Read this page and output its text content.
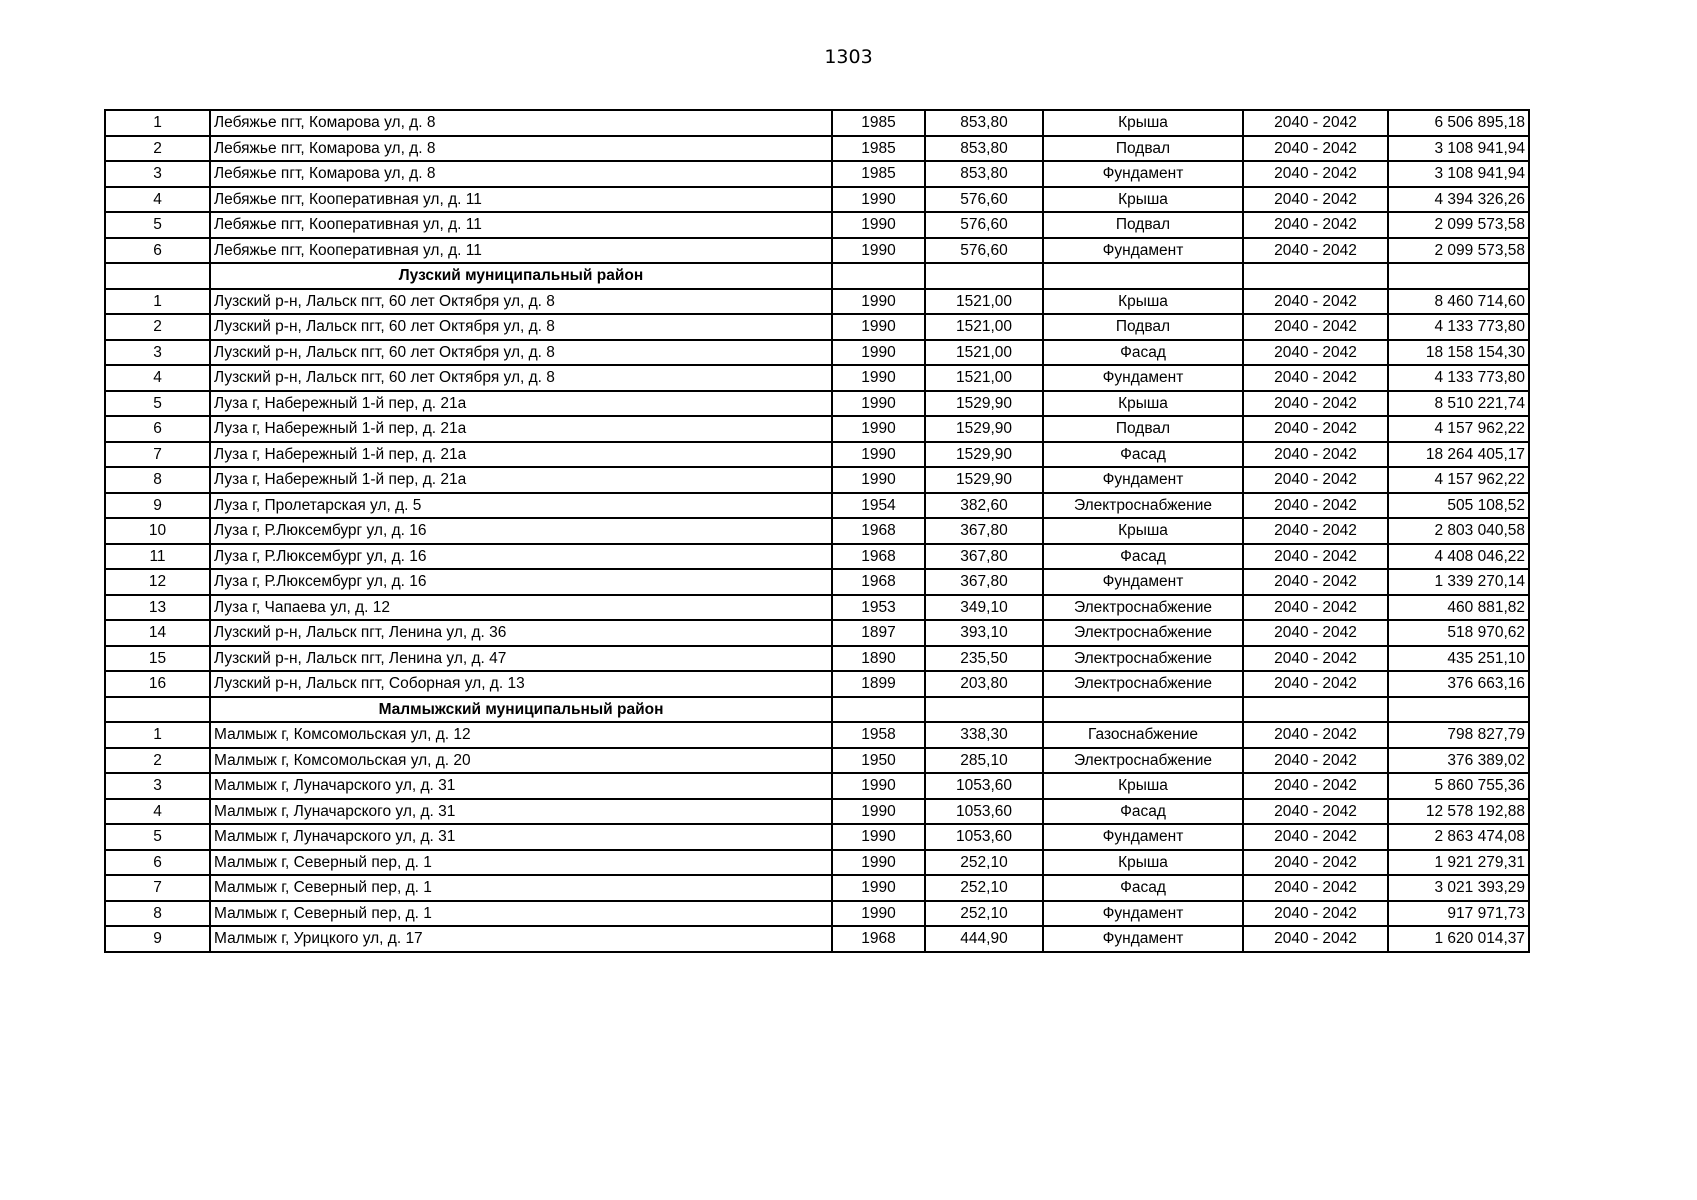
1303
1	Лебяжье пгт, Комарова ул, д. 8	1985	853,80	Крыша	2040 - 2042	6 506 895,18
2	Лебяжье пгт, Комарова ул, д. 8	1985	853,80	Подвал	2040 - 2042	3 108 941,94
3	Лебяжье пгт, Комарова ул, д. 8	1985	853,80	Фундамент	2040 - 2042	3 108 941,94
4	Лебяжье пгт, Кооперативная ул, д. 11	1990	576,60	Крыша	2040 - 2042	4 394 326,26
5	Лебяжье пгт, Кооперативная ул, д. 11	1990	576,60	Подвал	2040 - 2042	2 099 573,58
6	Лебяжье пгт, Кооперативная ул, д. 11	1990	576,60	Фундамент	2040 - 2042	2 099 573,58
	Лузский муниципальный район					
1	Лузский р-н, Лальск пгт, 60 лет Октября ул, д. 8	1990	1521,00	Крыша	2040 - 2042	8 460 714,60
2	Лузский р-н, Лальск пгт, 60 лет Октября ул, д. 8	1990	1521,00	Подвал	2040 - 2042	4 133 773,80
3	Лузский р-н, Лальск пгт, 60 лет Октября ул, д. 8	1990	1521,00	Фасад	2040 - 2042	18 158 154,30
4	Лузский р-н, Лальск пгт, 60 лет Октября ул, д. 8	1990	1521,00	Фундамент	2040 - 2042	4 133 773,80
5	Луза г, Набережный 1-й пер, д. 21а	1990	1529,90	Крыша	2040 - 2042	8 510 221,74
6	Луза г, Набережный 1-й пер, д. 21а	1990	1529,90	Подвал	2040 - 2042	4 157 962,22
7	Луза г, Набережный 1-й пер, д. 21а	1990	1529,90	Фасад	2040 - 2042	18 264 405,17
8	Луза г, Набережный 1-й пер, д. 21а	1990	1529,90	Фундамент	2040 - 2042	4 157 962,22
9	Луза г, Пролетарская ул, д. 5	1954	382,60	Электроснабжение	2040 - 2042	505 108,52
10	Луза г, Р.Люксембург ул, д. 16	1968	367,80	Крыша	2040 - 2042	2 803 040,58
11	Луза г, Р.Люксембург ул, д. 16	1968	367,80	Фасад	2040 - 2042	4 408 046,22
12	Луза г, Р.Люксембург ул, д. 16	1968	367,80	Фундамент	2040 - 2042	1 339 270,14
13	Луза г, Чапаева ул, д. 12	1953	349,10	Электроснабжение	2040 - 2042	460 881,82
14	Лузский р-н, Лальск пгт, Ленина ул, д. 36	1897	393,10	Электроснабжение	2040 - 2042	518 970,62
15	Лузский р-н, Лальск пгт, Ленина ул, д. 47	1890	235,50	Электроснабжение	2040 - 2042	435 251,10
16	Лузский р-н, Лальск пгт, Соборная ул, д. 13	1899	203,80	Электроснабжение	2040 - 2042	376 663,16
	Малмыжский муниципальный район					
1	Малмыж г, Комсомольская ул, д. 12	1958	338,30	Газоснабжение	2040 - 2042	798 827,79
2	Малмыж г, Комсомольская ул, д. 20	1950	285,10	Электроснабжение	2040 - 2042	376 389,02
3	Малмыж г, Луначарского ул, д. 31	1990	1053,60	Крыша	2040 - 2042	5 860 755,36
4	Малмыж г, Луначарского ул, д. 31	1990	1053,60	Фасад	2040 - 2042	12 578 192,88
5	Малмыж г, Луначарского ул, д. 31	1990	1053,60	Фундамент	2040 - 2042	2 863 474,08
6	Малмыж г, Северный пер, д. 1	1990	252,10	Крыша	2040 - 2042	1 921 279,31
7	Малмыж г, Северный пер, д. 1	1990	252,10	Фасад	2040 - 2042	3 021 393,29
8	Малмыж г, Северный пер, д. 1	1990	252,10	Фундамент	2040 - 2042	917 971,73
9	Малмыж г, Урицкого ул, д. 17	1968	444,90	Фундамент	2040 - 2042	1 620 014,37
